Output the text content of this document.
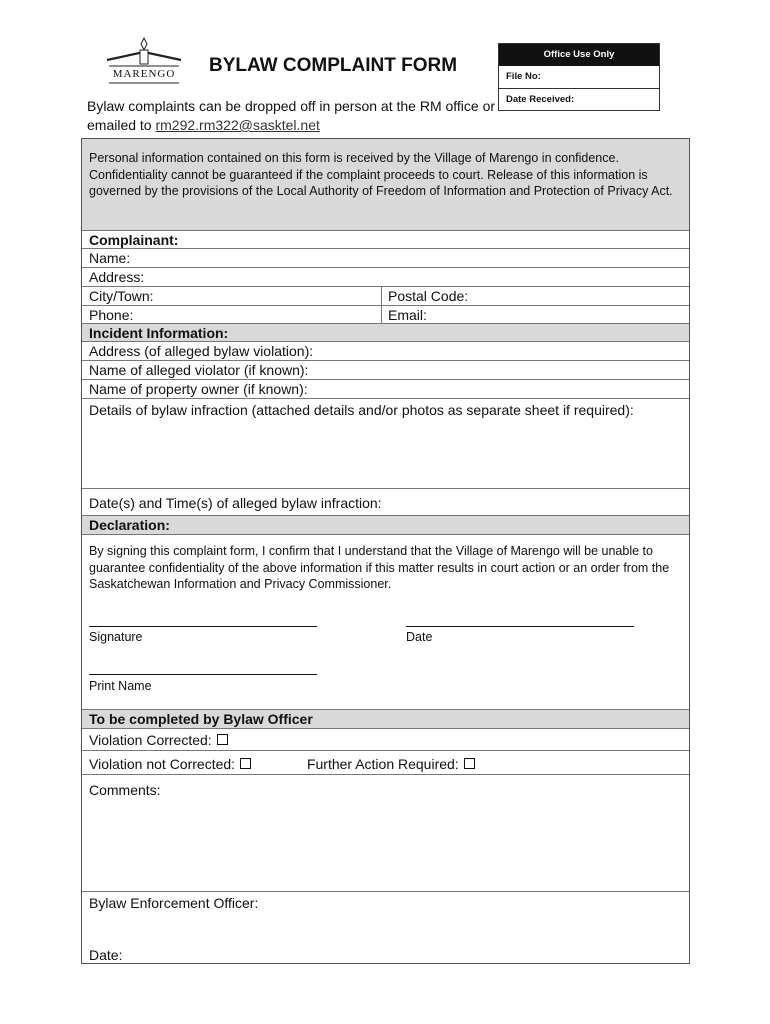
MARENGO	BYLAW COMPLAINT FORM
Bylaw complaints can be dropped off in person at the RM office or emailed to rm292.rm322@sasktel.net
Office Use Only
File No:
Date Received:
Personal information contained on this form is received by the Village of Marengo in confidence. Confidentiality cannot be guaranteed if the complaint proceeds to court. Release of this information is governed by the provisions of the Local Authority of Freedom of Information and Protection of Privacy Act.
Complainant:
Name:
Address:
City/Town:	Postal Code:
Phone:	Email:
Incident Information:
Address (of alleged bylaw violation):
Name of alleged violator (if known):
Name of property owner (if known):
Details of bylaw infraction (attached details and/or photos as separate sheet if required):
Date(s) and Time(s) of alleged bylaw infraction:
Declaration:
By signing this complaint form, I confirm that I understand that the Village of Marengo will be unable to guarantee confidentiality of the above information if this matter results in court action or an order from the Saskatchewan Information and Privacy Commissioner.
Signature	Date
Print Name
To be completed by Bylaw Officer
Violation Corrected:
Violation not Corrected:	Further Action Required:
Comments:
Bylaw Enforcement Officer:
Date:
